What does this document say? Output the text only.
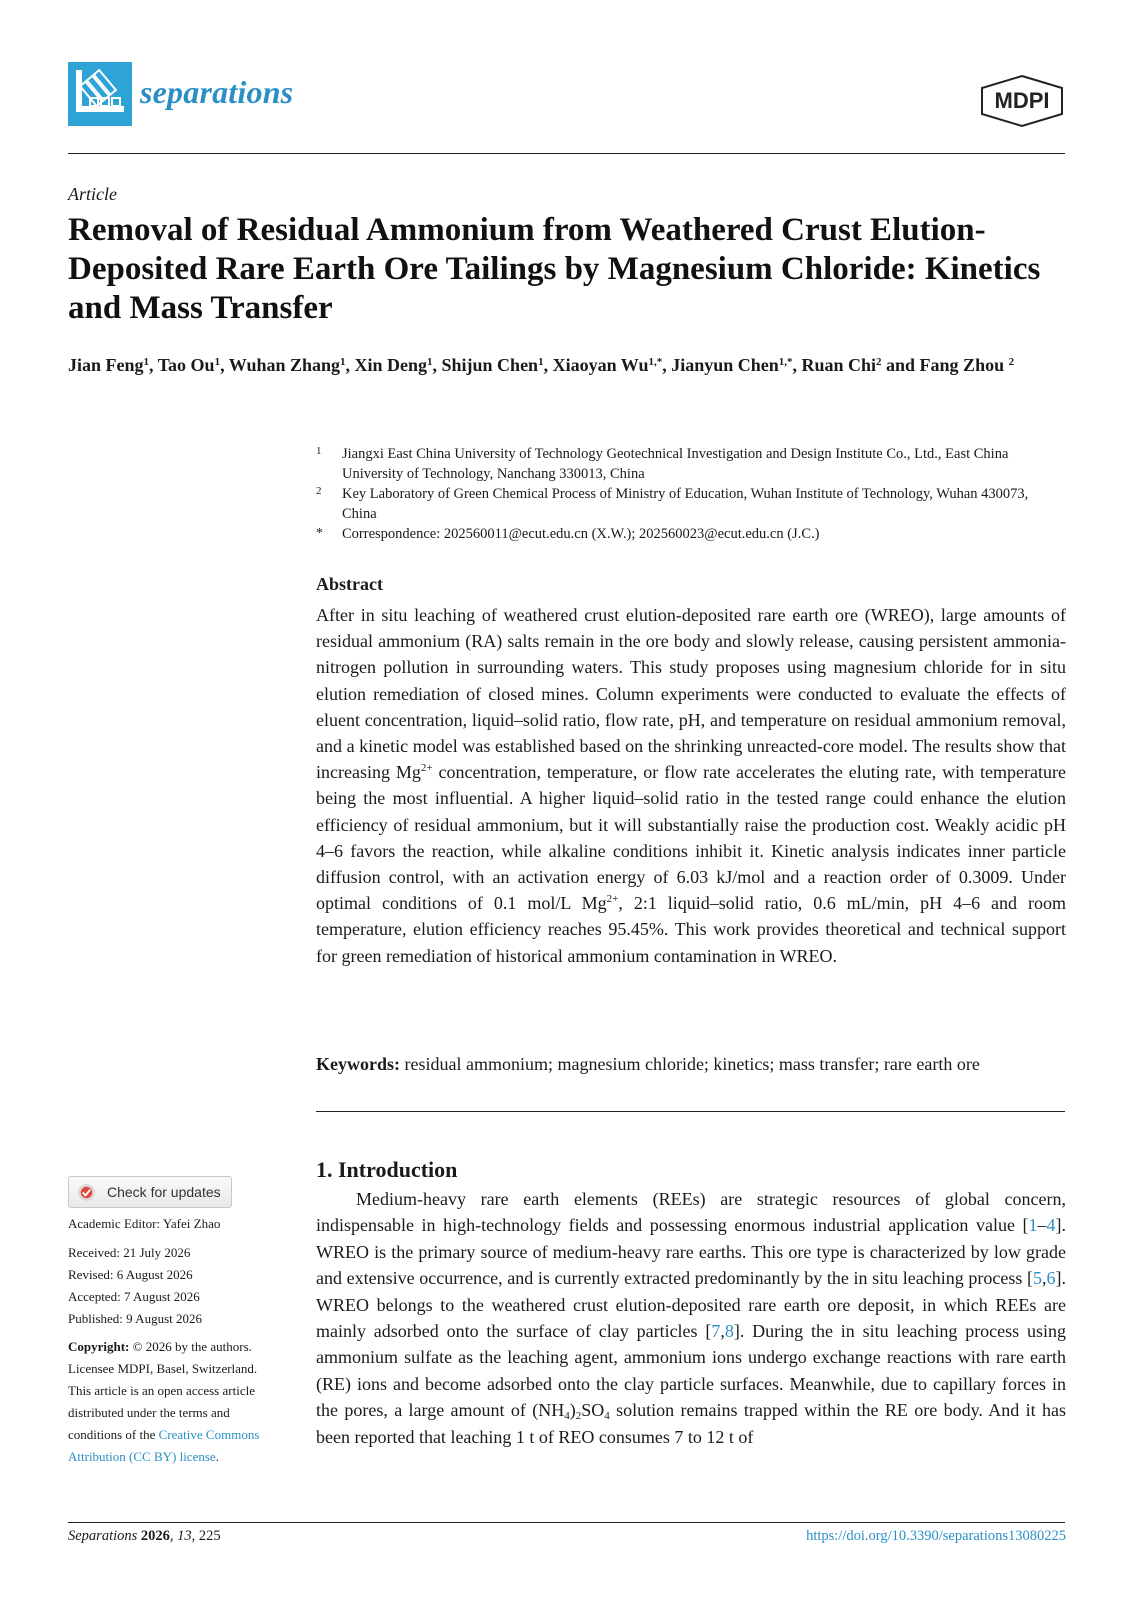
separations	MDPI
Article
Removal of Residual Ammonium from Weathered Crust Elution-Deposited Rare Earth Ore Tailings by Magnesium Chloride: Kinetics and Mass Transfer
Jian Feng$^1$, Tao Ou$^1$, Wuhan Zhang$^1$, Xin Deng$^1$, Shijun Chen$^1$, Xiaoyan $Wu^{1,*}$, Jianyun Chen$^{1,*}$, Ruan Chi$^2$ and Fang Zhou $^2$
1 Jiangxi East China University of Technology Geotechnical Investigation and Design Institute Co., Ltd., East China University of Technology, Nanchang 330013, China
2 Key Laboratory of Green Chemical Process of Ministry of Education, Wuhan Institute of Technology, Wuhan 430073, China
* Correspondence: 202560011@ecut.edu.cn (X.W.); 202560023@ecut.edu.cn (J.C.)
Abstract
After in situ leaching of weathered crust elution-deposited rare earth ore (WREO), large amounts of residual ammonium (RA) salts remain in the ore body and slowly release, causing persistent ammonia-nitrogen pollution in surrounding waters. This study proposes using magnesium chloride for in situ elution remediation of closed mines. Column experiments were conducted to evaluate the effects of eluent concentration, liquid–solid ratio, flow rate, pH, and temperature on residual ammonium removal, and a kinetic model was established based on the shrinking unreacted-core model. The results show that increasing $Mg^{2+}$ concentration, temperature, or flow rate accelerates the eluting rate, with temperature being the most influential. A higher liquid–solid ratio in the tested range could enhance the elution efficiency of residual ammonium, but it will substantially raise the production cost. Weakly acidic pH 4–6 favors the reaction, while alkaline conditions inhibit it. Kinetic analysis indicates inner particle diffusion control, with an activation energy of 6.03 kJ/mol and a reaction order of 0.3009. Under optimal conditions of 0.1 mol/L $Mg^{2+}$, 2:1 liquid–solid ratio, 0.6 mL/min, pH 4–6 and room temperature, elution efficiency reaches 95.45%. This work provides theoretical and technical support for green remediation of historical ammonium contamination in WREO.
Keywords: residual ammonium; magnesium chloride; kinetics; mass transfer; rare earth ore
Check for updates
Academic Editor: Yafei Zhao
Received: 21 July 2026
Revised: 6 August 2026
Accepted: 7 August 2026
Published: 9 August 2026
Copyright: © 2026 by the authors.
Licensee MDPI, Basel, Switzerland.
This article is an open access article
distributed under the terms and
conditions of the Creative Commons
Attribution (CC BY) license.
1. Introduction
Medium-heavy rare earth elements (REEs) are strategic resources of global concern, indispensable in high-technology fields and possessing enormous industrial application value [1–4]. WREO is the primary source of medium-heavy rare earths. This ore type is characterized by low grade and extensive occurrence, and is currently extracted predominantly by the in situ leaching process [5,6]. WREO belongs to the weathered crust elution-deposited rare earth ore deposit, in which REEs are mainly adsorbed onto the surface of clay particles [7,8]. During the in situ leaching process using ammonium sulfate as the leaching agent, ammonium ions undergo exchange reactions with rare earth (RE) ions and become adsorbed onto the clay particle surfaces. Meanwhile, due to capillary forces in the pores, a large amount of $(NH_4)_2SO_4$ solution remains trapped within the RE ore body. And it has been reported that leaching 1 t of REO consumes 7 to 12 t of
Separations 2026, 13, 225	https://doi.org/10.3390/separations13080225
